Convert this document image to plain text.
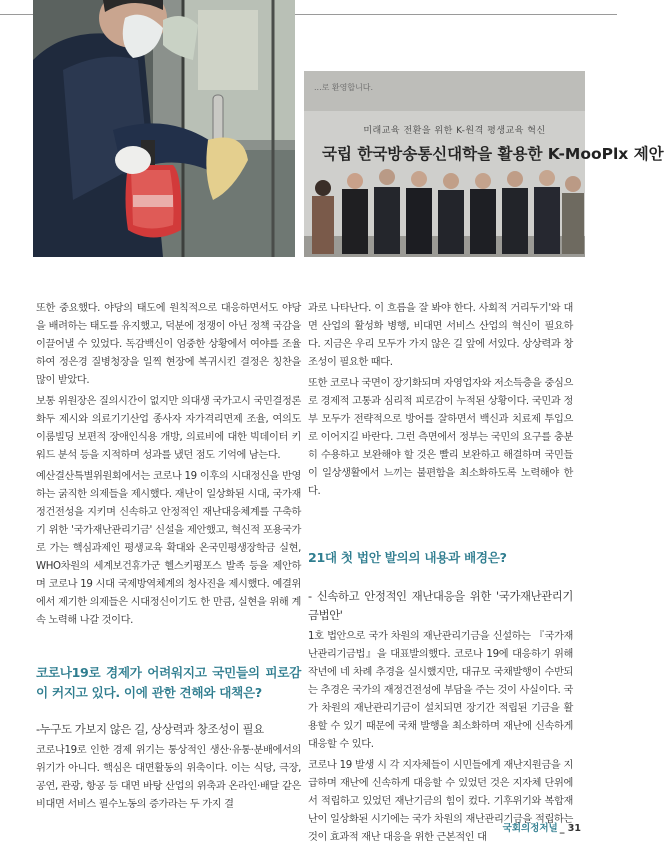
...로 환영합니다.
미래교육 전환을 위한 K-원격 평생교육 혁신
국립 한국방송통신대학을 활용한 K-MooPlx 제안

또한 중요했다. 야당의 태도에 원칙적으로 대응하면서도 야당을 배려하는 태도를 유지했고, 덕분에 정쟁이 아닌 정책 국감을 이끌어낼 수 있었다. 독감백신이 엄중한 상황에서 여야를 조율하여 정은경 질병청장을 일찍 현장에 복귀시킨 결정은 칭찬을 많이 받았다.

보통 위원장은 질의시간이 없지만 의대생 국가고시 국민결정론 화두 제시와 의료기기산업 종사자 자가격리면제 조율, 여의도 이룸빌딩 보편적 장애인식용 개방, 의료비에 대한 빅데이터 키워드 분석 등을 지적하며 성과를 냈던 점도 기억에 남는다.

예산결산특별위원회에서는 코로나 19 이후의 시대정신을 반영하는 굵직한 의제들을 제시했다. 재난이 일상화된 시대, 국가재정건전성을 지키며 신속하고 안정적인 재난대응체계를 구축하기 위한 '국가재난관리기금' 신설을 제안했고, 혁신적 포용국가로 가는 핵심과제인 평생교육 확대와 온국민평생장학금 실현, WHO차원의 세계보건휴가군 헬스키평포스 발족 등을 제안하며 코로나 19 시대 국제방역체계의 청사진을 제시했다. 예결위에서 제기한 의제들은 시대정신이기도 한 만큼, 실현을 위해 계속 노력해 나갈 것이다.

코로나19로 경제가 어려워지고 국민들의 피로감이 커지고 있다. 이에 관한 견해와 대책은?

-누구도 가보지 않은 길, 상상력과 창조성이 필요

코로나19로 인한 경제 위기는 통상적인 생산·유통·분배에서의 위기가 아니다. 핵심은 대면활동의 위축이다. 이는 식당, 극장, 공연, 관광, 항공 등 대면 바탕 산업의 위축과 온라인·배달 같은 비대면 서비스 필수노동의 증가라는 두 가지 결

과로 나타난다. 이 흐름을 잘 봐야 한다. 사회적 거리두기'와 대면 산업의 활성화 병행, 비대면 서비스 산업의 혁신이 필요하다. 지금은 우리 모두가 가지 않은 길 앞에 서있다. 상상력과 창조성이 필요한 때다.

또한 코로나 국면이 장기화되며 자영업자와 저소득층을 중심으로 경제적 고통과 심리적 피로감이 누적된 상황이다. 국민과 정부 모두가 전략적으로 방어를 잘하면서 백신과 치료제 투입으로 이어지길 바란다. 그런 측면에서 정부는 국민의 요구를 충분히 수용하고 보완해야 할 것은 빨리 보완하고 해결하며 국민들이 일상생활에서 느끼는 불편함을 최소화하도록 노력해야 한다.

21대 첫 법안 발의의 내용과 배경은?

- 신속하고 안정적인 재난대응을 위한 '국가재난관리기금법안'

1호 법안으로 국가 차원의 재난관리기금을 신설하는 『국가재난관리기금법』을 대표발의했다. 코로나 19에 대응하기 위해 작년에 네 차례 추경을 실시했지만, 대규모 국채발행이 수반되는 추경은 국가의 재정건전성에 부담을 주는 것이 사실이다. 국가 차원의 재난관리기금이 설치되면 장기간 적립된 기금을 활용할 수 있기 때문에 국채 발행을 최소화하며 재난에 신속하게 대응할 수 있다.

코로나 19 발생 시 각 지자체들이 시민들에게 재난지원금을 지급하며 재난에 신속하게 대응할 수 있었던 것은 지자체 단위에서 적립하고 있었던 재난기금의 힘이 컸다. 기후위기와 복합재난이 일상화된 시기에는 국가 차원의 재난관리기금을 적립하는 것이 효과적 재난 대응을 위한 근본적인 대

국회의정저널 _ 31
